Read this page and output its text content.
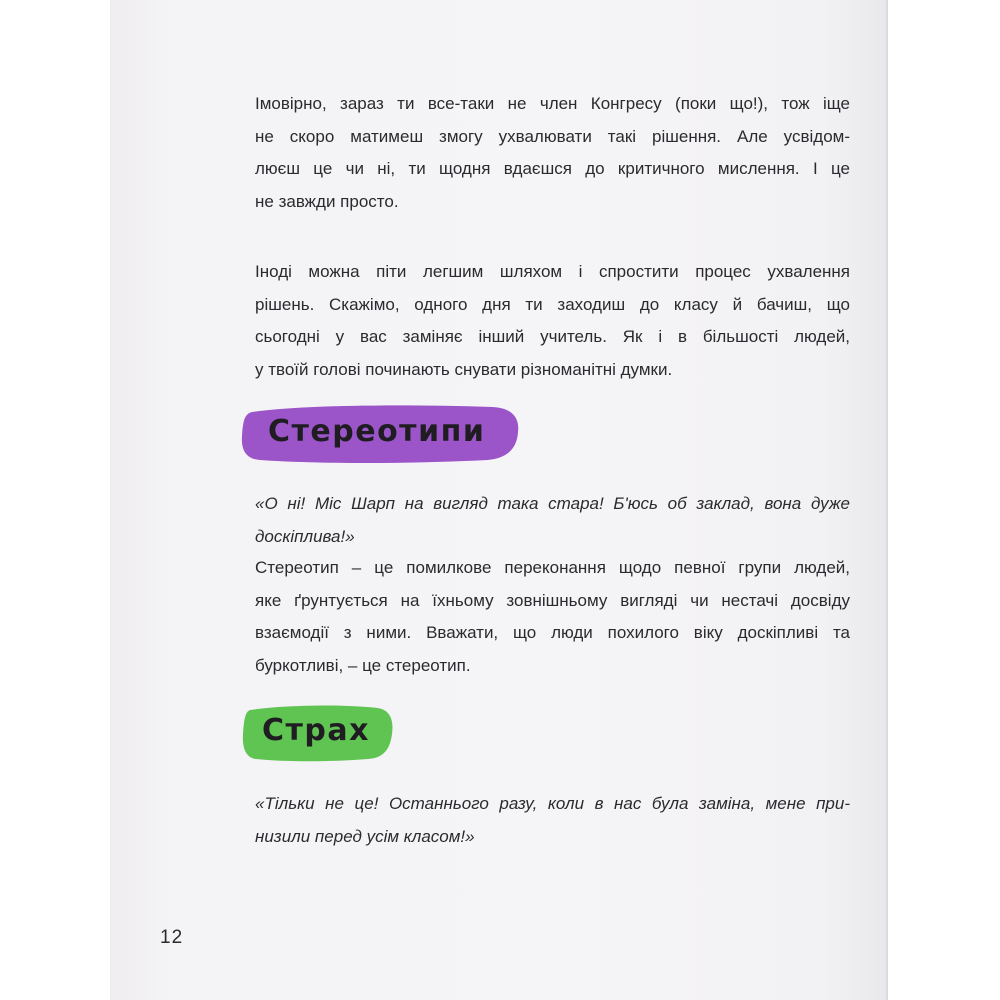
Імовірно, зараз ти все-таки не член Конгресу (поки що!), тож іще
не скоро матимеш змогу ухвалювати такі рішення. Але усвідом-
люєш це чи ні, ти щодня вдаєшся до критичного мислення. І це
не завжди просто.
Іноді можна піти легшим шляхом і спростити процес ухвалення
рішень. Скажімо, одного дня ти заходиш до класу й бачиш, що
сьогодні у вас заміняє інший учитель. Як і в більшості людей,
у твоїй голові починають снувати різноманітні думки.
Стереотипи
«О ні! Міс Шарп на вигляд така стара! Б'юсь об заклад, вона дуже
доскіплива!»
Стереотип – це помилкове переконання щодо певної групи людей,
яке ґрунтується на їхньому зовнішньому вигляді чи нестачі досвіду
взаємодії з ними. Вважати, що люди похилого віку доскіпливі та
буркотливі, – це стереотип.
Страх
«Тільки не це! Останнього разу, коли в нас була заміна, мене при-
низили перед усім класом!»
12
